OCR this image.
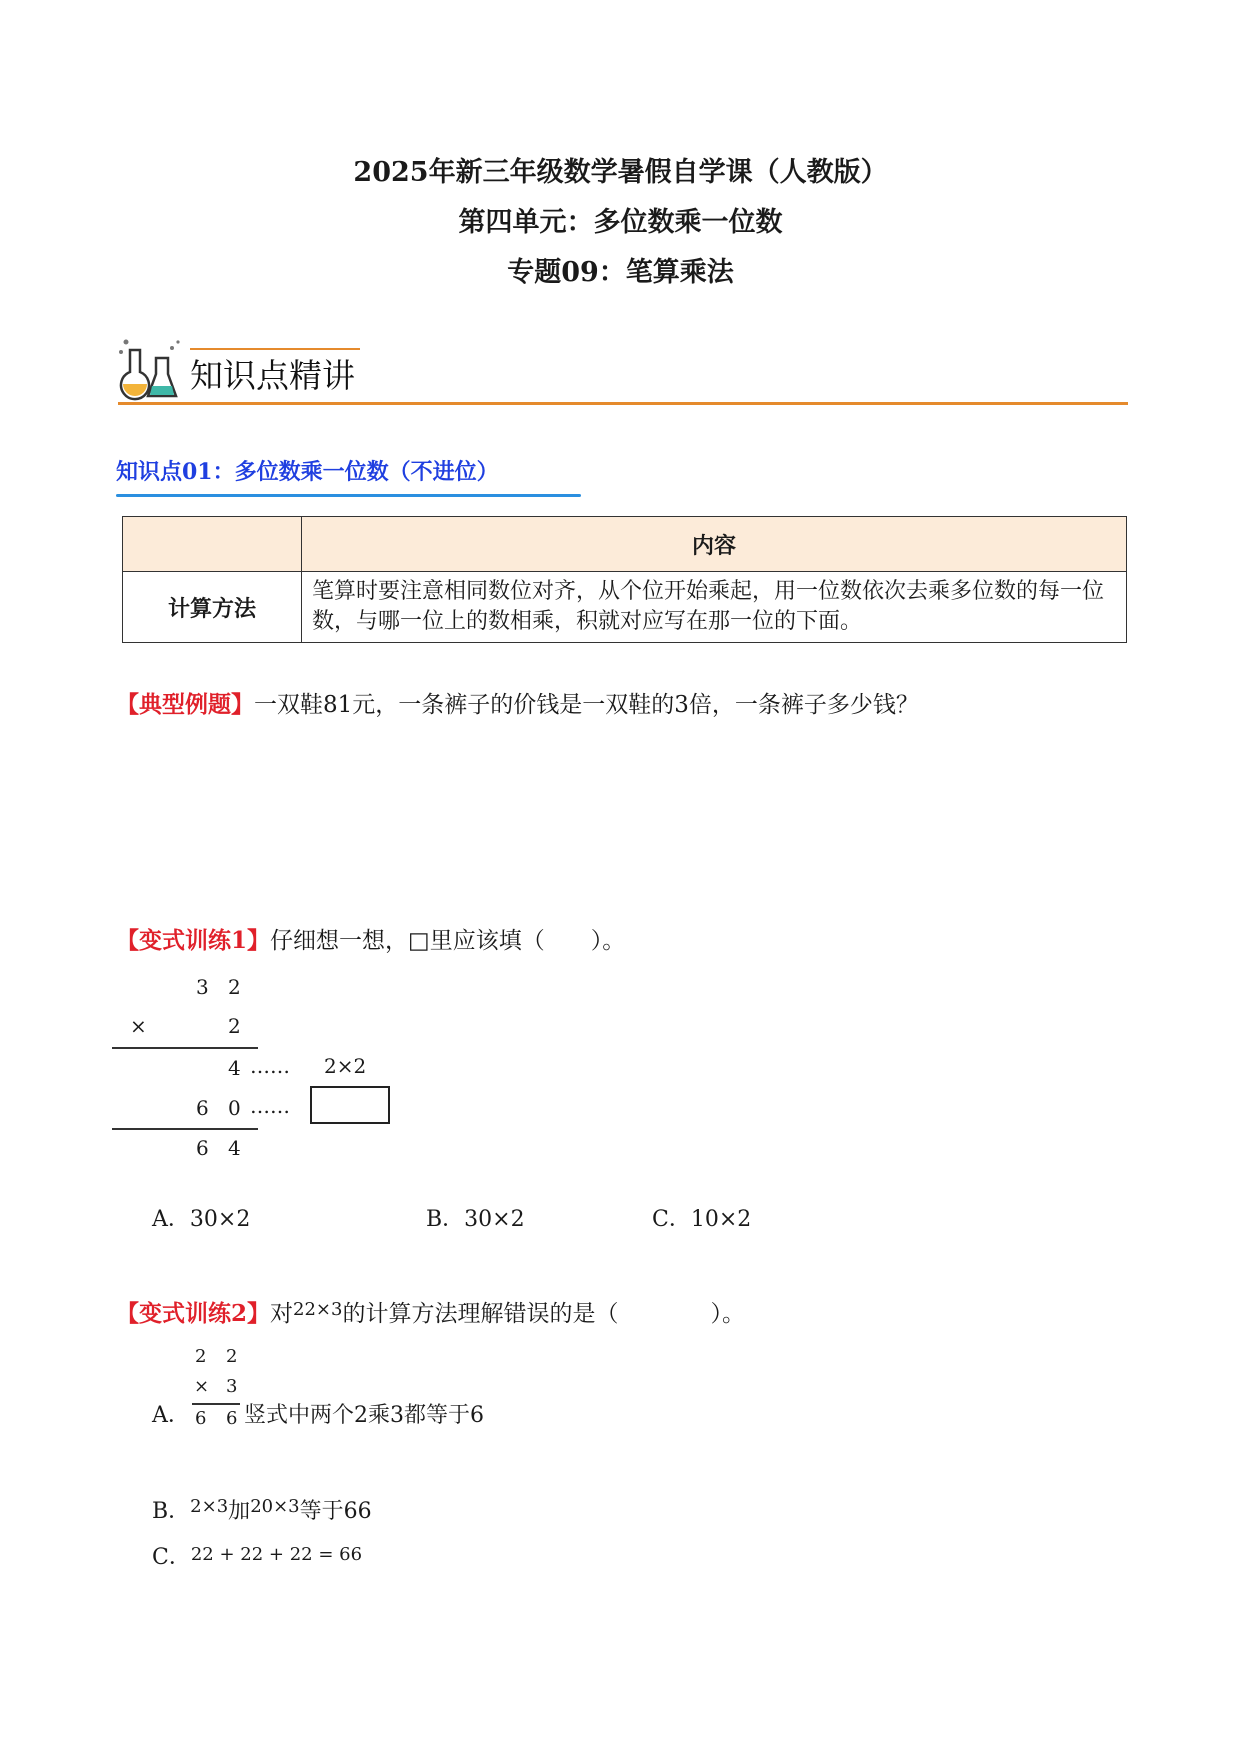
2025年新三年级数学暑假自学课（人教版）
第四单元：多位数乘一位数
专题09：笔算乘法
知识点精讲
知识点01：多位数乘一位数（不进位）
	内容
计算方法	笔算时要注意相同数位对齐，从个位开始乘起，用一位数依次去乘多位数的每一位数，与哪一位上的数相乘，积就对应写在那一位的下面。
【典型例题】一双鞋81元，一条裤子的价钱是一双鞋的3倍，一条裤子多少钱？
【变式训练1】仔细想一想，□里应该填（　　）。
3 2
×	2
4 …… 2×2
6 0 ……
6 4
A．30×2	B．30×2	C．10×2
【变式训练2】对$^{22\times 3}$的计算方法理解错误的是（　　　　）。
A．
2 2
× 3
6 6 竖式中两个2乘3都等于6
B．$^{2\times 3}$加$^{20\times 3}$等于66
C．22 + 22 + 22 = 66
